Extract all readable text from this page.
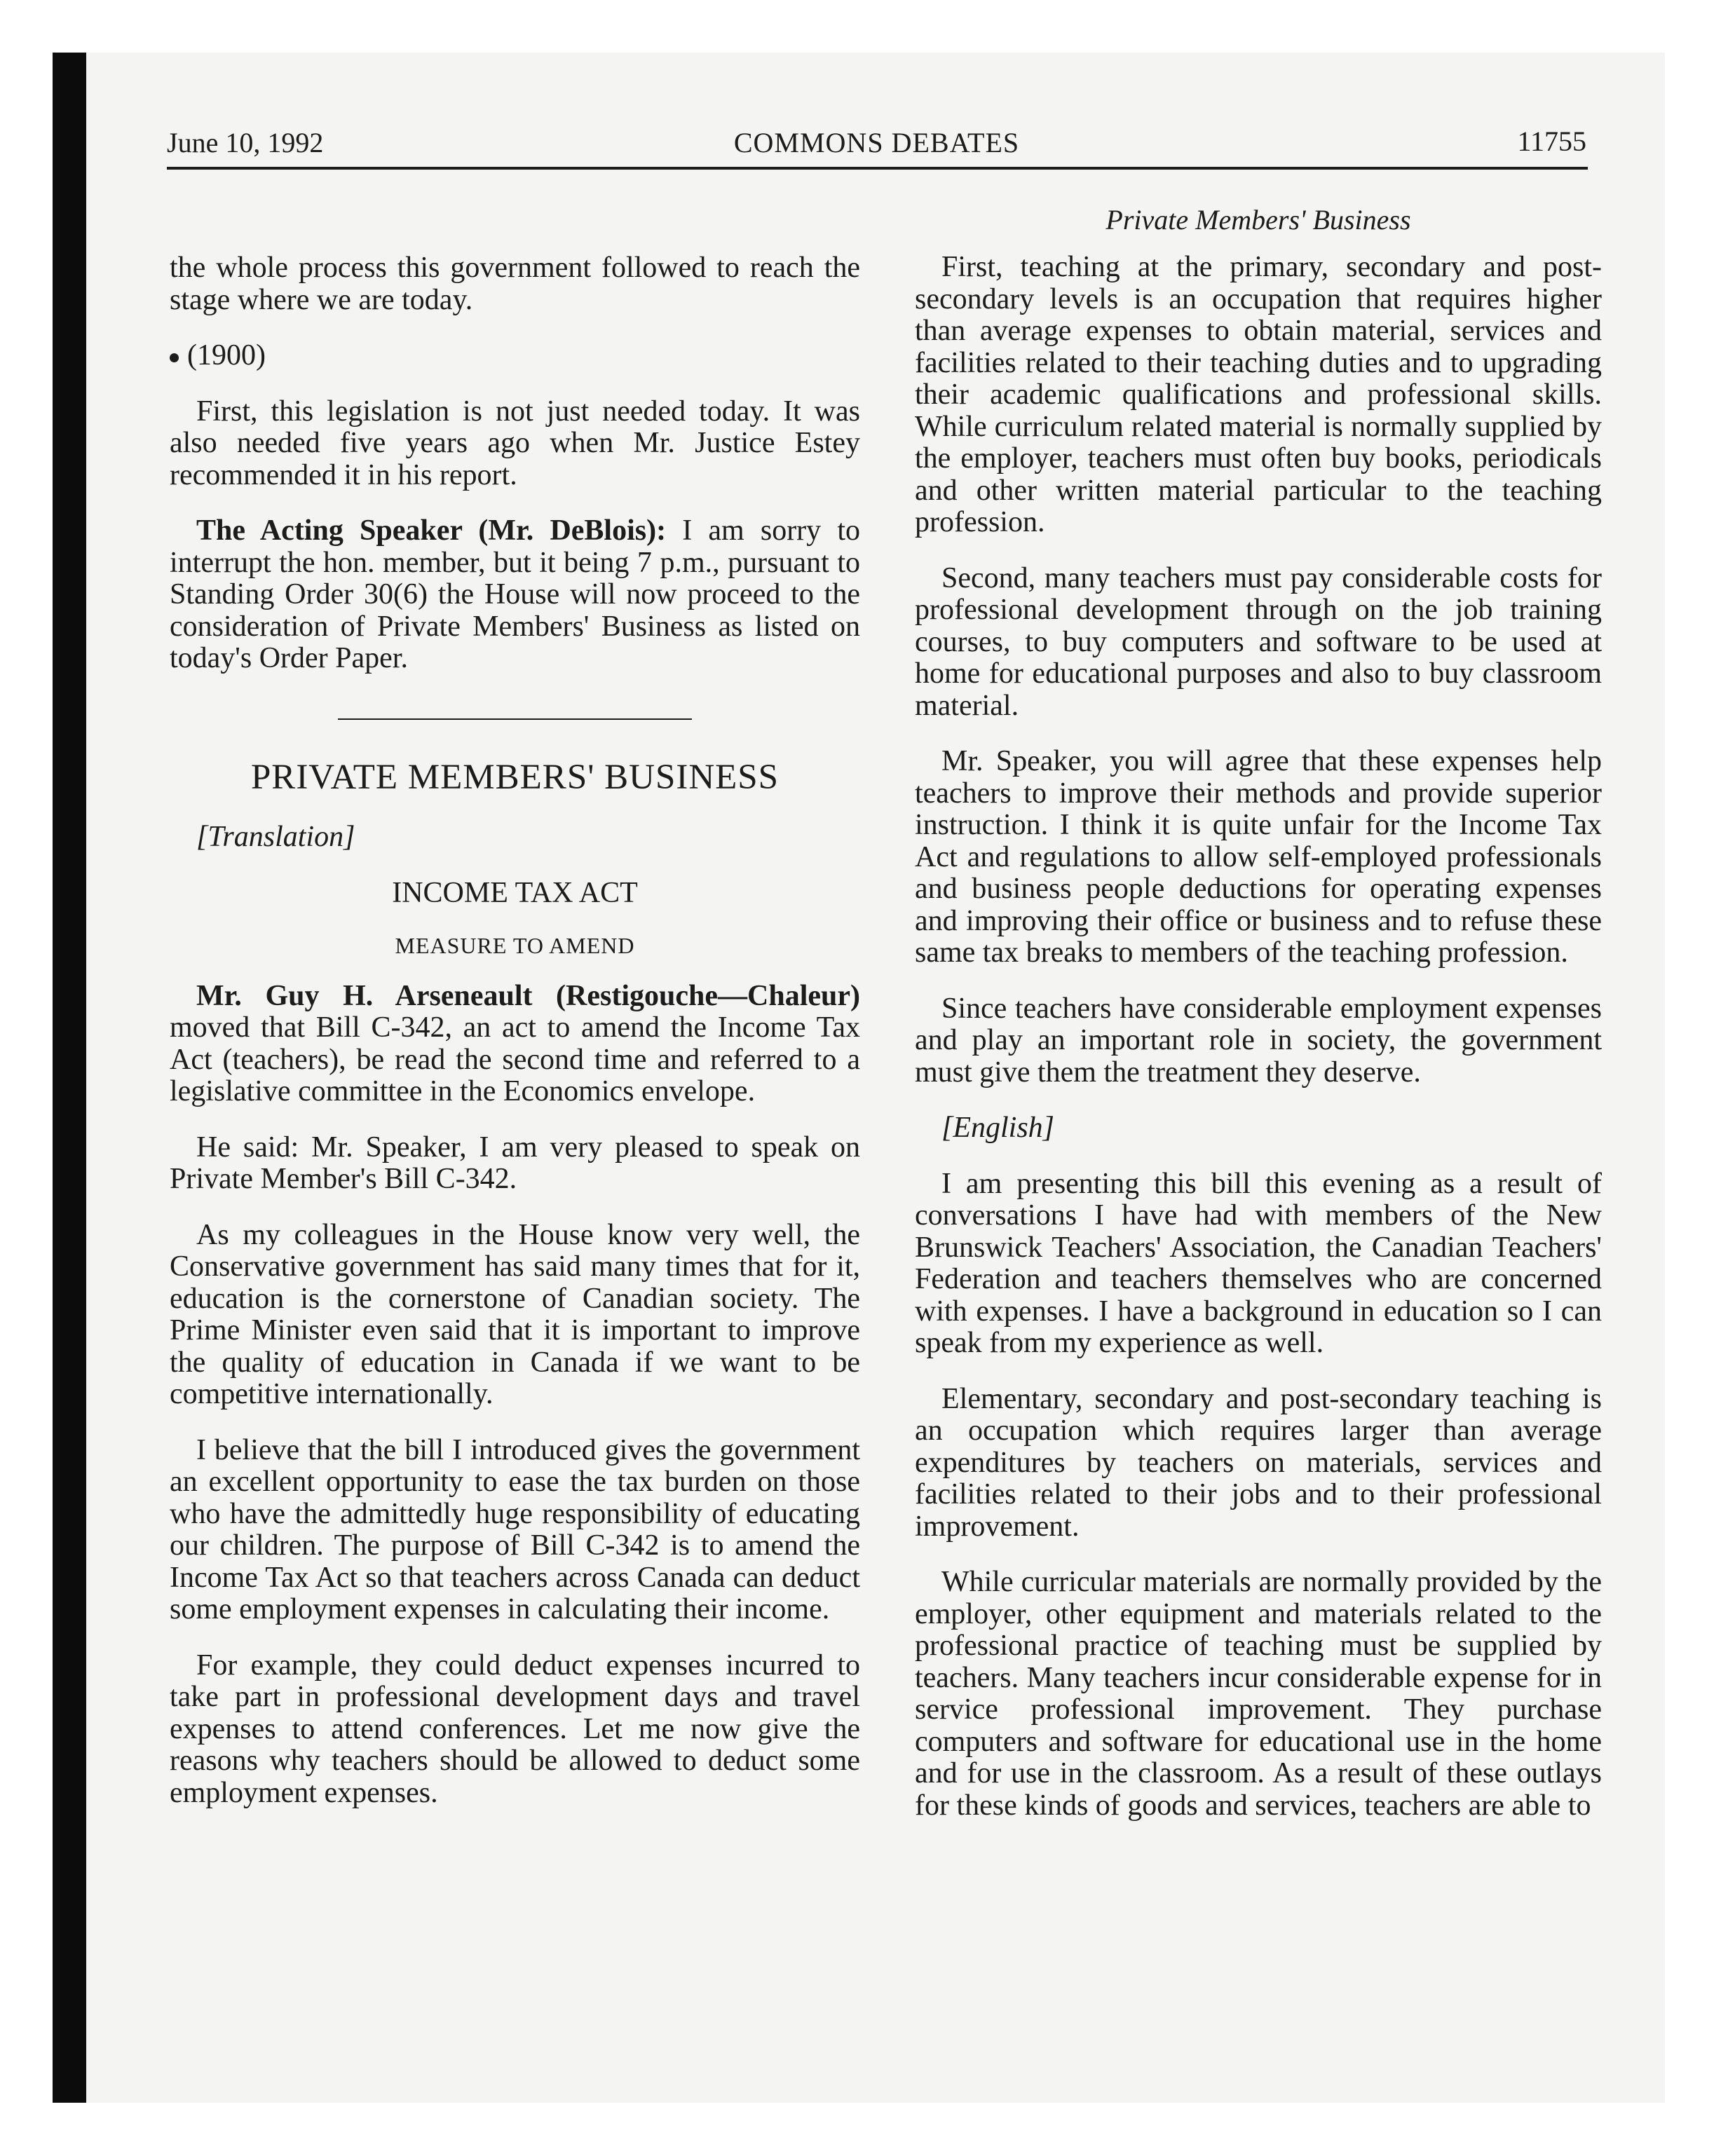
June 10, 1992	COMMONS DEBATES	11755
Private Members' Business

the whole process this government followed to reach the stage where we are today.

(1900)

First, this legislation is not just needed today. It was also needed five years ago when Mr. Justice Estey recommended it in his report.

The Acting Speaker (Mr. DeBlois): I am sorry to interrupt the hon. member, but it being 7 p.m., pursuant to Standing Order 30(6) the House will now proceed to the consideration of Private Members' Business as listed on today's Order Paper.

PRIVATE MEMBERS' BUSINESS

[Translation]

INCOME TAX ACT
MEASURE TO AMEND

Mr. Guy H. Arseneault (Restigouche—Chaleur) moved that Bill C-342, an act to amend the Income Tax Act (teachers), be read the second time and referred to a legislative committee in the Economics envelope.

He said: Mr. Speaker, I am very pleased to speak on Private Member's Bill C-342.

As my colleagues in the House know very well, the Conservative government has said many times that for it, education is the cornerstone of Canadian society. The Prime Minister even said that it is important to improve the quality of education in Canada if we want to be competitive internationally.

I believe that the bill I introduced gives the government an excellent opportunity to ease the tax burden on those who have the admittedly huge responsibility of educating our children. The purpose of Bill C-342 is to amend the Income Tax Act so that teachers across Canada can deduct some employment expenses in calculating their income.

For example, they could deduct expenses incurred to take part in professional development days and travel expenses to attend conferences. Let me now give the reasons why teachers should be allowed to deduct some employment expenses.

First, teaching at the primary, secondary and post-secondary levels is an occupation that requires higher than average expenses to obtain material, services and facilities related to their teaching duties and to upgrading their academic qualifications and professional skills. While curriculum related material is normally supplied by the employer, teachers must often buy books, periodicals and other written material particular to the teaching profession.

Second, many teachers must pay considerable costs for professional development through on the job training courses, to buy computers and software to be used at home for educational purposes and also to buy classroom material.

Mr. Speaker, you will agree that these expenses help teachers to improve their methods and provide superior instruction. I think it is quite unfair for the Income Tax Act and regulations to allow self-employed professionals and business people deductions for operating expenses and improving their office or business and to refuse these same tax breaks to members of the teaching profession.

Since teachers have considerable employment expenses and play an important role in society, the government must give them the treatment they deserve.

[English]

I am presenting this bill this evening as a result of conversations I have had with members of the New Brunswick Teachers' Association, the Canadian Teachers' Federation and teachers themselves who are concerned with expenses. I have a background in education so I can speak from my experience as well.

Elementary, secondary and post-secondary teaching is an occupation which requires larger than average expenditures by teachers on materials, services and facilities related to their jobs and to their professional improvement.

While curricular materials are normally provided by the employer, other equipment and materials related to the professional practice of teaching must be supplied by teachers. Many teachers incur considerable expense for in service professional improvement. They purchase computers and software for educational use in the home and for use in the classroom. As a result of these outlays for these kinds of goods and services, teachers are able to
